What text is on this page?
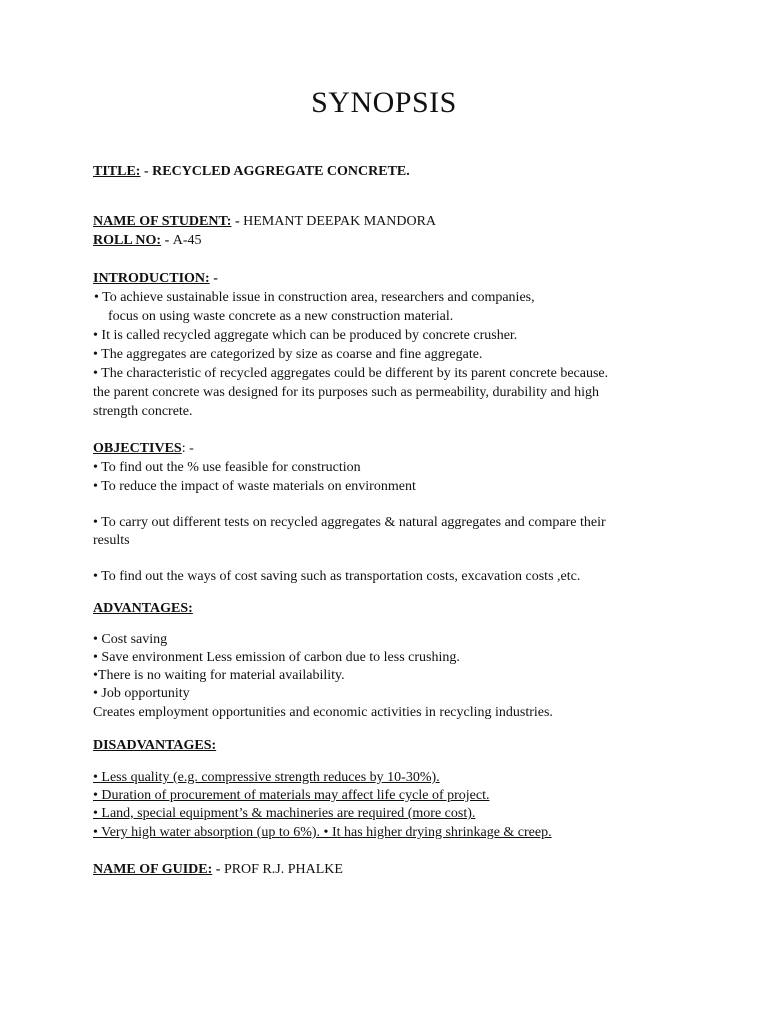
SYNOPSIS
TITLE: - RECYCLED AGGREGATE CONCRETE.
NAME OF STUDENT: - HEMANT DEEPAK MANDORA
ROLL NO: - A-45
INTRODUCTION: -
• To achieve sustainable issue in construction area, researchers and companies,
focus on using waste concrete as a new construction material.
• It is called recycled aggregate which can be produced by concrete crusher.
• The aggregates are categorized by size as coarse and fine aggregate.
• The characteristic of recycled aggregates could be different by its parent concrete because.
the parent concrete was designed for its purposes such as permeability, durability and high
strength concrete.
OBJECTIVES: -
• To find out the % use feasible for construction
• To reduce the impact of waste materials on environment
• To carry out different tests on recycled aggregates & natural aggregates and compare their
results
• To find out the ways of cost saving such as transportation costs, excavation costs ,etc.
ADVANTAGES:
• Cost saving
• Save environment Less emission of carbon due to less crushing.
•There is no waiting for material availability.
• Job opportunity
Creates employment opportunities and economic activities in recycling industries.
DISADVANTAGES:
• Less quality (e.g. compressive strength reduces by 10-30%).
• Duration of procurement of materials may affect life cycle of project.
• Land, special equipment’s & machineries are required (more cost).
• Very high water absorption (up to 6%). • It has higher drying shrinkage & creep.
NAME OF GUIDE: - PROF R.J. PHALKE
